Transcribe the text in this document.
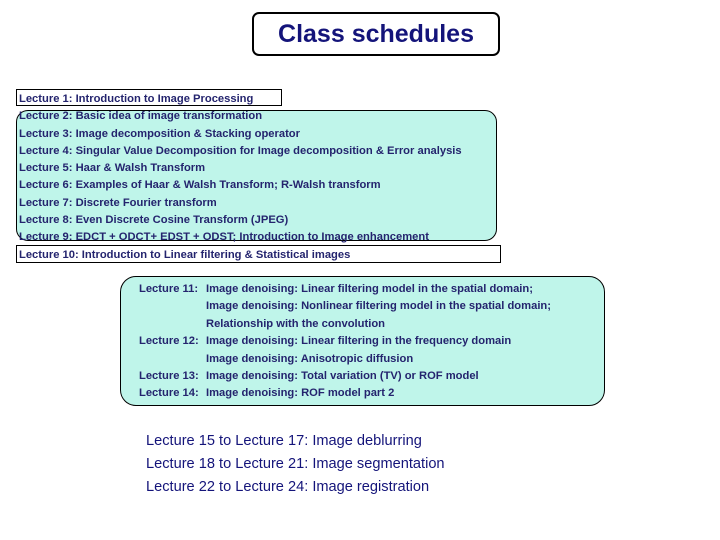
Class schedules
Lecture 1: Introduction to Image Processing
Lecture 2: Basic idea of image transformation
Lecture 3: Image decomposition & Stacking operator
Lecture 4: Singular Value Decomposition for Image decomposition & Error analysis
Lecture 5: Haar & Walsh Transform
Lecture 6: Examples of Haar & Walsh Transform; R-Walsh transform
Lecture 7: Discrete Fourier transform
Lecture 8: Even Discrete Cosine Transform (JPEG)
Lecture 9: EDCT + ODCT+ EDST + ODST; Introduction to Image enhancement
Lecture 10: Introduction to Linear filtering & Statistical images
Lecture 11: Image denoising: Linear filtering model in the spatial domain;
Image denoising: Nonlinear filtering model in the spatial domain;
Relationship with the convolution
Lecture 12: Image denoising: Linear filtering in the frequency domain
Image denoising: Anisotropic diffusion
Lecture 13: Image denoising: Total variation (TV) or ROF model
Lecture 14: Image denoising: ROF model part 2
Lecture 15 to Lecture 17: Image deblurring
Lecture 18 to Lecture 21: Image segmentation
Lecture 22 to Lecture 24: Image registration
